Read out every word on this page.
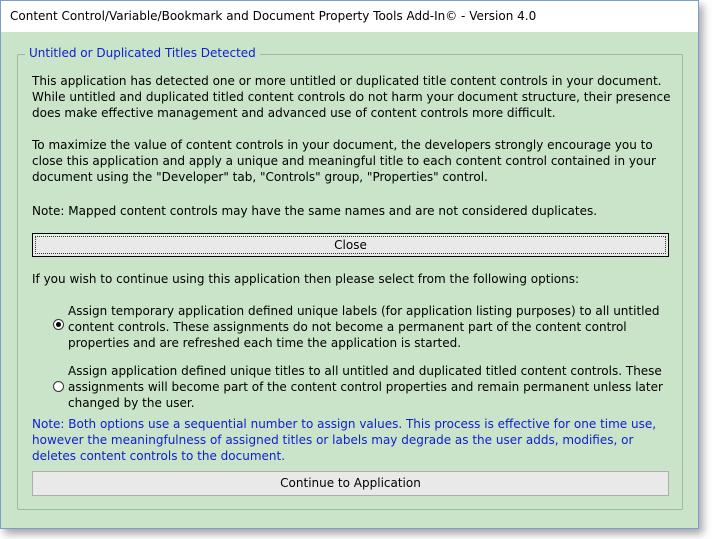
Content Control/Variable/Bookmark and Document Property Tools Add-In© - Version 4.0
Untitled or Duplicated Titles Detected

This application has detected one or more untitled or duplicated title content controls in your document. While untitled and duplicated titled content controls do not harm your document structure, their presence does make effective management and advanced use of content controls more difficult.

To maximize the value of content controls in your document, the developers strongly encourage you to close this application and apply a unique and meaningful title to each content control contained in your document using the "Developer" tab, "Controls" group, "Properties" control.

Note: Mapped content controls may have the same names and are not considered duplicates.

Close

If you wish to continue using this application then please select from the following options:

Assign temporary application defined unique labels (for application listing purposes) to all untitled content controls. These assignments do not become a permanent part of the content control properties and are refreshed each time the application is started.
Assign application defined unique titles to all untitled and duplicated titled content controls. These assignments will become part of the content control properties and remain permanent unless later changed by the user.
Note: Both options use a sequential number to assign values. This process is effective for one time use, however the meaningfulness of assigned titles or labels may degrade as the user adds, modifies, or deletes content controls to the document.
Continue to Application
